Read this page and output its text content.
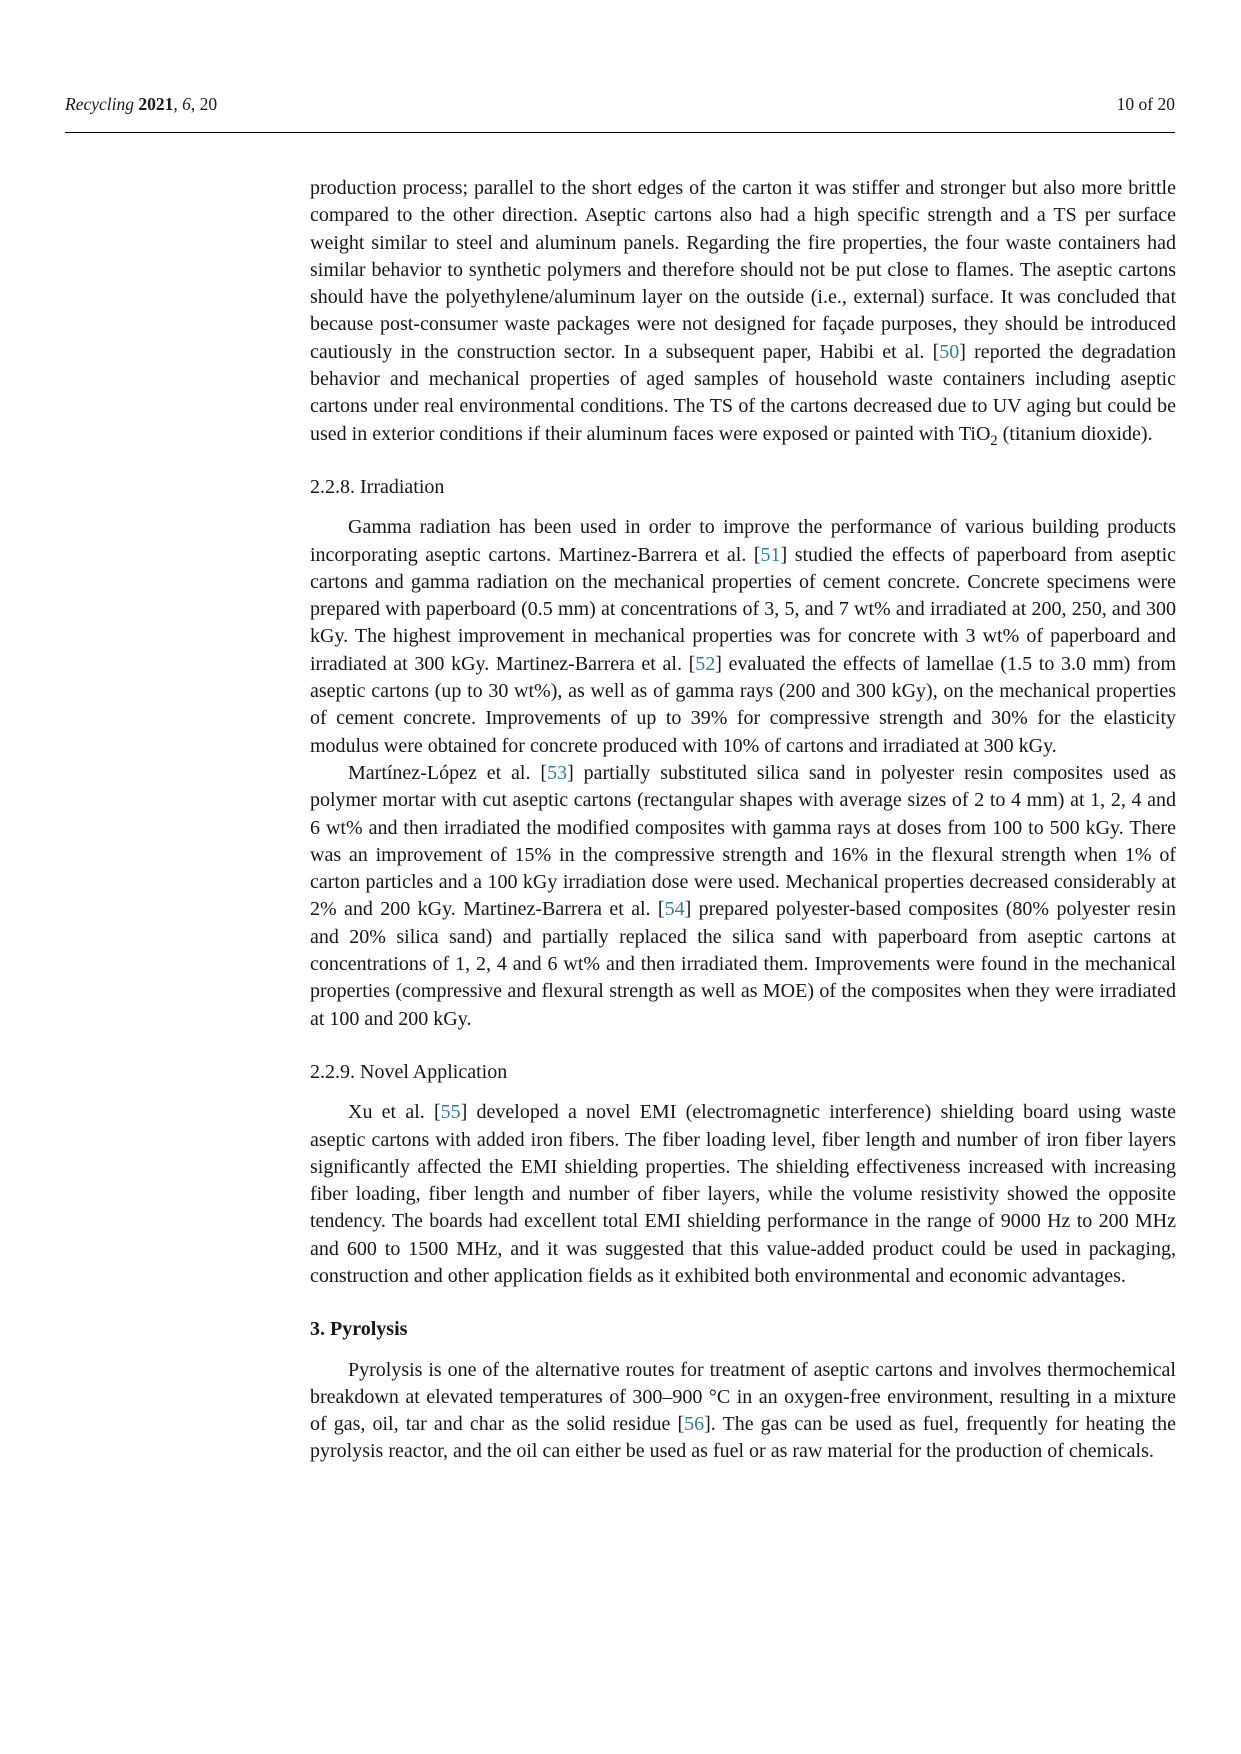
Recycling 2021, 6, 20	10 of 20

production process; parallel to the short edges of the carton it was stiffer and stronger but also more brittle compared to the other direction. Aseptic cartons also had a high specific strength and a TS per surface weight similar to steel and aluminum panels. Regarding the fire properties, the four waste containers had similar behavior to synthetic polymers and therefore should not be put close to flames. The aseptic cartons should have the polyethylene/aluminum layer on the outside (i.e., external) surface. It was concluded that because post-consumer waste packages were not designed for façade purposes, they should be introduced cautiously in the construction sector. In a subsequent paper, Habibi et al. [50] reported the degradation behavior and mechanical properties of aged samples of household waste containers including aseptic cartons under real environmental conditions. The TS of the cartons decreased due to UV aging but could be used in exterior conditions if their aluminum faces were exposed or painted with TiO$_2$ (titanium dioxide).

2.2.8. Irradiation

Gamma radiation has been used in order to improve the performance of various building products incorporating aseptic cartons. Martinez-Barrera et al. [51] studied the effects of paperboard from aseptic cartons and gamma radiation on the mechanical properties of cement concrete. Concrete specimens were prepared with paperboard (0.5 mm) at concentrations of 3, 5, and 7 wt% and irradiated at 200, 250, and 300 kGy. The highest improvement in mechanical properties was for concrete with 3 wt% of paperboard and irradiated at 300 kGy. Martinez-Barrera et al. [52] evaluated the effects of lamellae (1.5 to 3.0 mm) from aseptic cartons (up to 30 wt%), as well as of gamma rays (200 and 300 kGy), on the mechanical properties of cement concrete. Improvements of up to 39% for compressive strength and 30% for the elasticity modulus were obtained for concrete produced with 10% of cartons and irradiated at 300 kGy.

Martínez-López et al. [53] partially substituted silica sand in polyester resin composites used as polymer mortar with cut aseptic cartons (rectangular shapes with average sizes of 2 to 4 mm) at 1, 2, 4 and 6 wt% and then irradiated the modified composites with gamma rays at doses from 100 to 500 kGy. There was an improvement of 15% in the compressive strength and 16% in the flexural strength when 1% of carton particles and a 100 kGy irradiation dose were used. Mechanical properties decreased considerably at 2% and 200 kGy. Martinez-Barrera et al. [54] prepared polyester-based composites (80% polyester resin and 20% silica sand) and partially replaced the silica sand with paperboard from aseptic cartons at concentrations of 1, 2, 4 and 6 wt% and then irradiated them. Improvements were found in the mechanical properties (compressive and flexural strength as well as MOE) of the composites when they were irradiated at 100 and 200 kGy.

2.2.9. Novel Application

Xu et al. [55] developed a novel EMI (electromagnetic interference) shielding board using waste aseptic cartons with added iron fibers. The fiber loading level, fiber length and number of iron fiber layers significantly affected the EMI shielding properties. The shielding effectiveness increased with increasing fiber loading, fiber length and number of fiber layers, while the volume resistivity showed the opposite tendency. The boards had excellent total EMI shielding performance in the range of 9000 Hz to 200 MHz and 600 to 1500 MHz, and it was suggested that this value-added product could be used in packaging, construction and other application fields as it exhibited both environmental and economic advantages.

3. Pyrolysis

Pyrolysis is one of the alternative routes for treatment of aseptic cartons and involves thermochemical breakdown at elevated temperatures of 300–900 °C in an oxygen-free environment, resulting in a mixture of gas, oil, tar and char as the solid residue [56]. The gas can be used as fuel, frequently for heating the pyrolysis reactor, and the oil can either be used as fuel or as raw material for the production of chemicals.
